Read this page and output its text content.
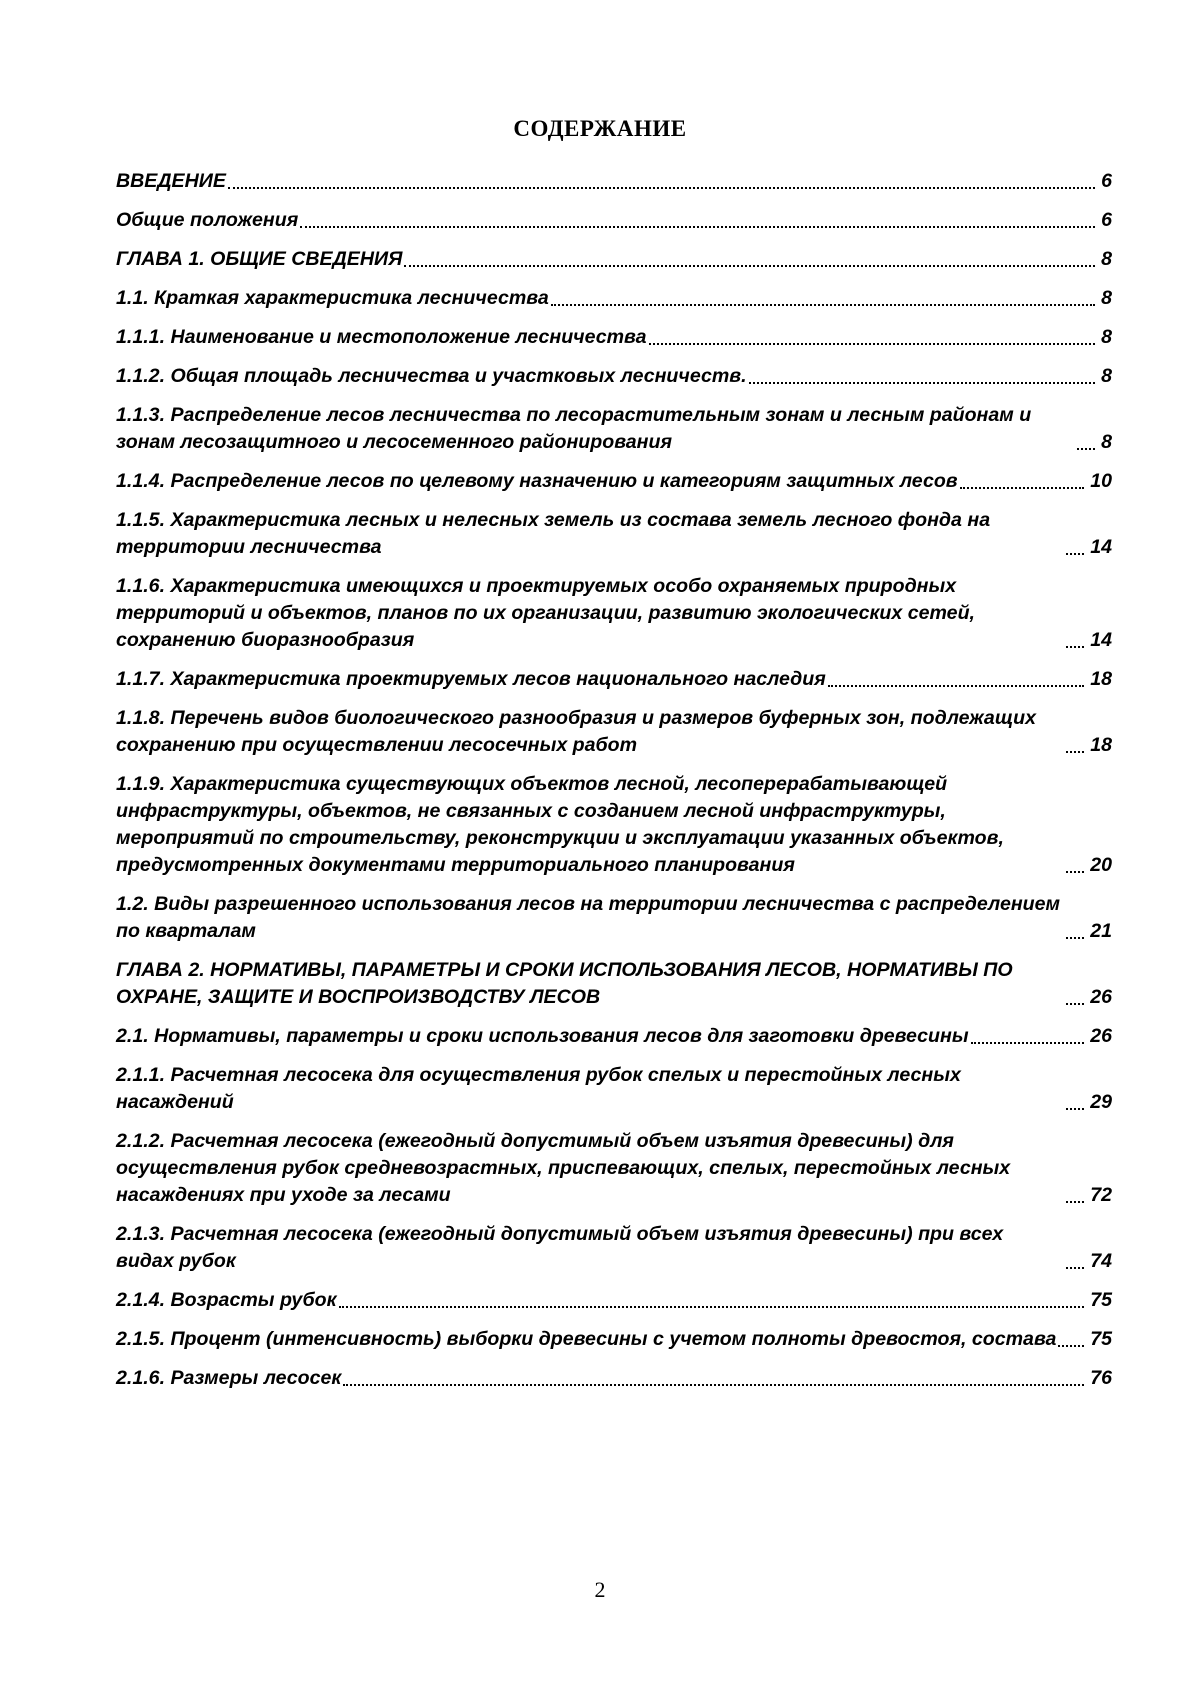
СОДЕРЖАНИЕ
ВВЕДЕНИЕ	6
Общие положения	6
ГЛАВА 1. ОБЩИЕ СВЕДЕНИЯ	8
1.1. Краткая характеристика лесничества	8
1.1.1. Наименование и местоположение лесничества	8
1.1.2. Общая площадь лесничества и участковых лесничеств.	8
1.1.3. Распределение лесов лесничества по лесорастительным зонам и лесным районам и зонам лесозащитного и лесосеменного районирования	8
1.1.4. Распределение лесов по целевому назначению и категориям защитных лесов	10
1.1.5. Характеристика лесных и нелесных земель из состава земель лесного фонда на территории лесничества	14
1.1.6. Характеристика имеющихся и проектируемых особо охраняемых природных территорий и объектов, планов по их организации, развитию экологических сетей, сохранению биоразнообразия	14
1.1.7. Характеристика проектируемых лесов национального наследия	18
1.1.8. Перечень видов биологического разнообразия и размеров буферных зон, подлежащих сохранению при осуществлении лесосечных работ	18
1.1.9. Характеристика существующих объектов лесной, лесоперерабатывающей инфраструктуры, объектов, не связанных с созданием лесной инфраструктуры, мероприятий по строительству, реконструкции и эксплуатации указанных объектов, предусмотренных документами территориального планирования	20
1.2. Виды разрешенного использования лесов на территории лесничества с распределением по кварталам	21
ГЛАВА 2. НОРМАТИВЫ, ПАРАМЕТРЫ И СРОКИ ИСПОЛЬЗОВАНИЯ ЛЕСОВ, НОРМАТИВЫ ПО ОХРАНЕ, ЗАЩИТЕ И ВОСПРОИЗВОДСТВУ ЛЕСОВ	26
2.1. Нормативы, параметры и сроки использования лесов для заготовки древесины	26
2.1.1. Расчетная лесосека для осуществления рубок спелых и перестойных лесных насаждений	29
2.1.2. Расчетная лесосека (ежегодный допустимый объем изъятия древесины) для осуществления рубок средневозрастных, приспевающих, спелых, перестойных лесных насаждениях при уходе за лесами	72
2.1.3. Расчетная лесосека (ежегодный допустимый объем изъятия древесины) при всех видах рубок	74
2.1.4. Возрасты рубок	75
2.1.5. Процент (интенсивность) выборки древесины с учетом полноты древостоя, состава 75
2.1.6. Размеры лесосек	76
2
